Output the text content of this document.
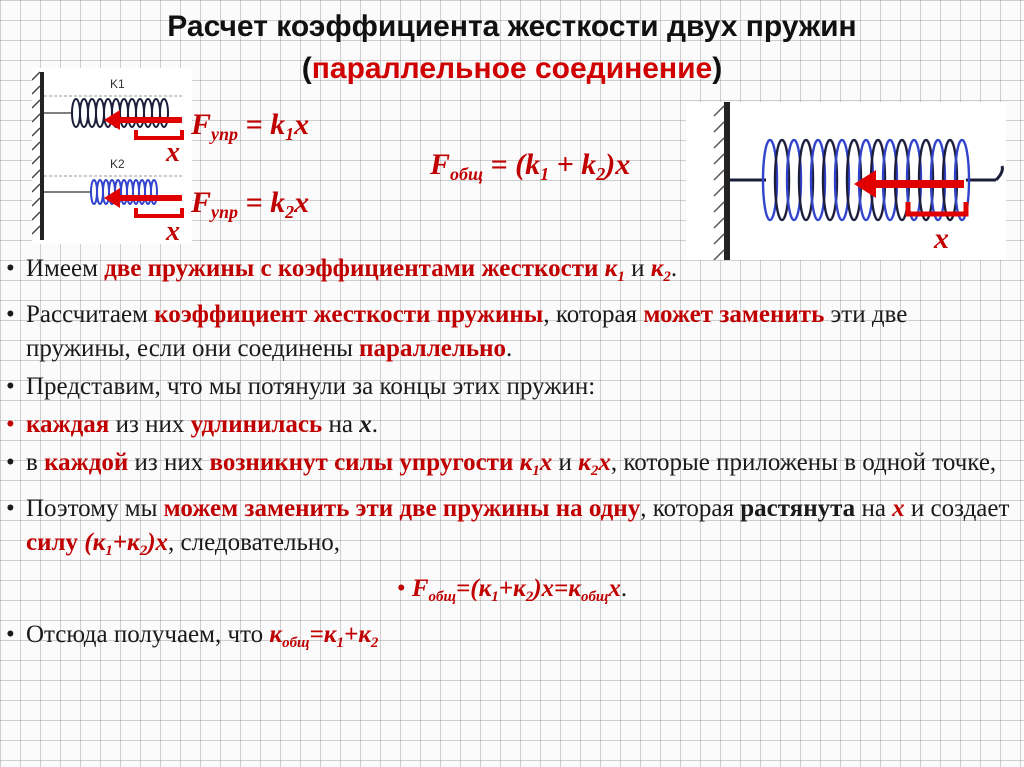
Расчет коэффициента жесткости двух пружин
(параллельное соединение)
K1
K2 x
x
$F_{упр} = k_1x$
$F_{упр} = k_2x$
$F_{общ} = (k_1 + k_2)x$
x
• Имеем две пружины с коэффициентами жесткости $к_1$ и $к_2$.
• Рассчитаем коэффициент жесткости пружины, которая может заменить эти две пружины, если они соединены параллельно.
• Представим, что мы потянули за концы этих пружин:
• каждая из них удлинилась на x.
• в каждой из них возникнут силы упругости $к_1x$ и $к_2x$, которые приложены в одной точке,
• Поэтому мы можем заменить эти две пружины на одну, которая растянута на x и создает силу $(к_1+к_2)x$, следовательно,
• $F_{общ}=(к_1+к_2)x=к_{общ}x$.
• Отсюда получаем, что $к_{общ}=к_1+к_2$
